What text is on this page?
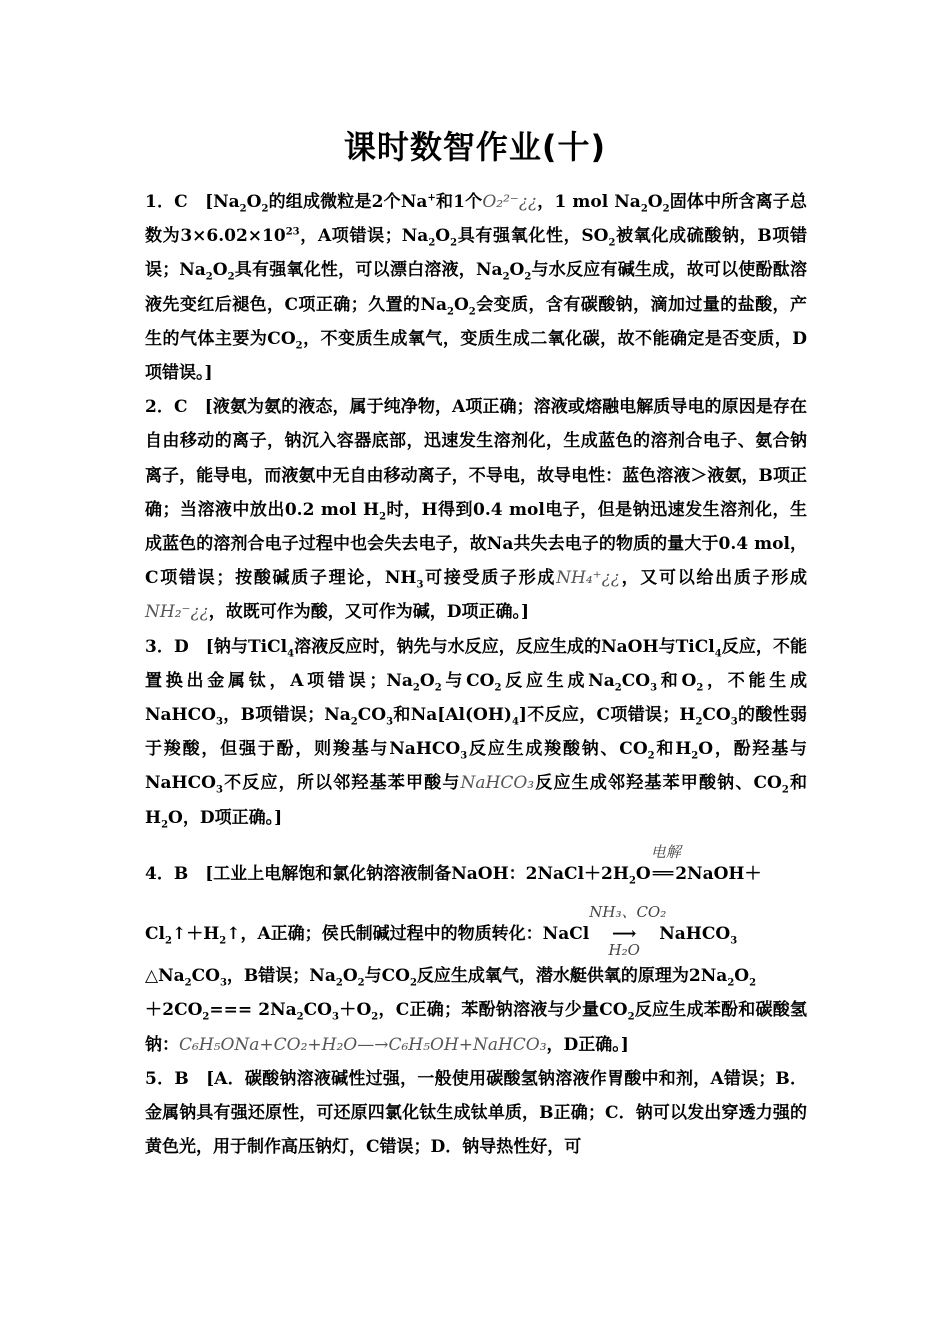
课时数智作业(十)
1．C　[$Na_2O_2$的组成微粒是2个Na+和1个O₂²⁻¿¿，1 mol $Na_2O_2$固体中所含离子总数为$3\times 6.02\times 10^{23}$，A项错误；$Na_2O_2$具有强氧化性，$SO_2$被氧化成硫酸钠，B项错误；$Na_2O_2$具有强氧化性，可以漂白溶液，$Na_2O_2$与水反应有碱生成，故可以使酚酞溶液先变红后褪色，C项正确；久置的$Na_2O_2$会变质，含有碳酸钠，滴加过量的盐酸，产生的气体主要为$CO_2$，不变质生成氧气，变质生成二氧化碳，故不能确定是否变质，D项错误。]
2．C　[液氨为氨的液态，属于纯净物，A项正确；溶液或熔融电解质导电的原因是存在自由移动的离子，钠沉入容器底部，迅速发生溶剂化，生成蓝色的溶剂合电子、氨合钠离子，能导电，而液氨中无自由移动离子，不导电，故导电性：蓝色溶液＞液氨，B项正确；当溶液中放出0.2 mol $H_2$时，H得到0.4 mol电子，但是钠迅速发生溶剂化，生成蓝色的溶剂合电子过程中也会失去电子，故Na共失去电子的物质的量大于0.4 mol，C项错误；按酸碱质子理论，$NH_3$可接受质子形成NH₄⁺¿¿，又可以给出质子形成NH₂⁻¿¿，故既可作为酸，又可作为碱，D项正确。]
3．D　[钠与TiCl$_4$溶液反应时，钠先与水反应，反应生成的NaOH与TiCl$_4$反应，不能置换出金属钛，A项错误；$Na_2O_2$与$CO_2$反应生成$Na_2CO_3$和$O_2$，不能生成NaHCO$_3$，B项错误；$Na_2CO_3$和$Na[Al(OH)_4]$不反应，C项错误；$H_2CO_3$的酸性弱于羧酸，但强于酚，则羧基与NaHCO$_3$反应生成羧酸钠、$CO_2$和$H_2O$，酚羟基与NaHCO$_3$不反应，所以邻羟基苯甲酸与NaHCO₃反应生成邻羟基苯甲酸钠、$CO_2$和$H_2O$，D项正确。]
4．B　[工业上电解饱和氯化钠溶液制备NaOH：$2NaCl+2H_2O$
电解
══ 2NaOH＋
$Cl_2↑+H_2↑$，A正确；侯氏制碱过程中的物质转化：NaCl
NH₃、CO₂
⟶
H₂O
NaHCO$_3$
$\triangle Na_2CO_3$，B错误；$Na_2O_2$与$CO_2$反应生成氧气，潜水艇供氧的原理为$2Na_2O_2$
$+2CO_2=== 2Na_2CO_3+O_2$，C正确；苯酚钠溶液与少量$CO_2$反应生成苯酚和碳酸氢钠：C₆H₅ONa+CO₂+H₂O—→C₆H₅OH+NaHCO₃，D正确。]
5．B　[A．碳酸钠溶液碱性过强，一般使用碳酸氢钠溶液作胃酸中和剂，A错误；B．金属钠具有强还原性，可还原四氯化钛生成钛单质，B正确；C．钠可以发出穿透力强的黄色光，用于制作高压钠灯，C错误；D．钠导热性好，可
